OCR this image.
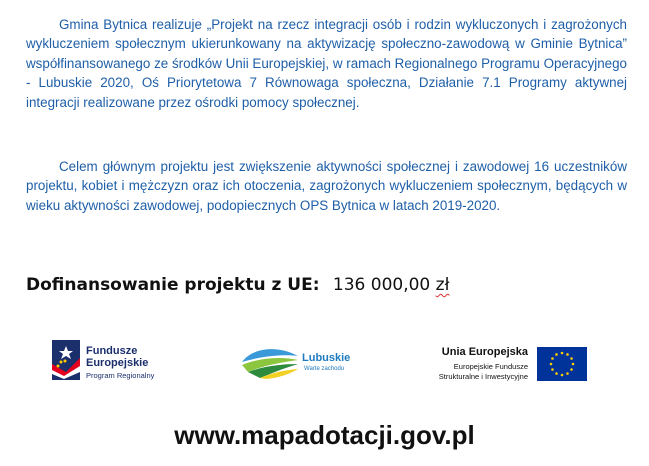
Gmina Bytnica realizuje „Projekt na rzecz integracji osób i rodzin wykluczonych i zagrożonych wykluczeniem społecznym ukierunkowany na aktywizację społeczno-zawodową w Gminie Bytnica” współfinansowanego ze środków Unii Europejskiej, w ramach Regionalnego Programu Operacyjnego - Lubuskie 2020, Oś Priorytetowa 7 Równowaga społeczna, Działanie 7.1 Programy aktywnej integracji realizowane przez ośrodki pomocy społecznej.

Celem głównym projektu jest zwiększenie aktywności społecznej i zawodowej 16 uczestników projektu, kobiet i mężczyzn oraz ich otoczenia, zagrożonych wykluczeniem społecznym, będących w wieku aktywności zawodowej, podopiecznych OPS Bytnica w latach 2019-2020.

Dofinansowanie projektu z UE: 136 000,00 zł
Fundusze
Europejskie
Program Regionalny
Lubuskie
Warte zachodu
Unia Europejska
Europejskie Fundusze
Strukturalne i Inwestycyjne
www.mapadotacji.gov.pl
